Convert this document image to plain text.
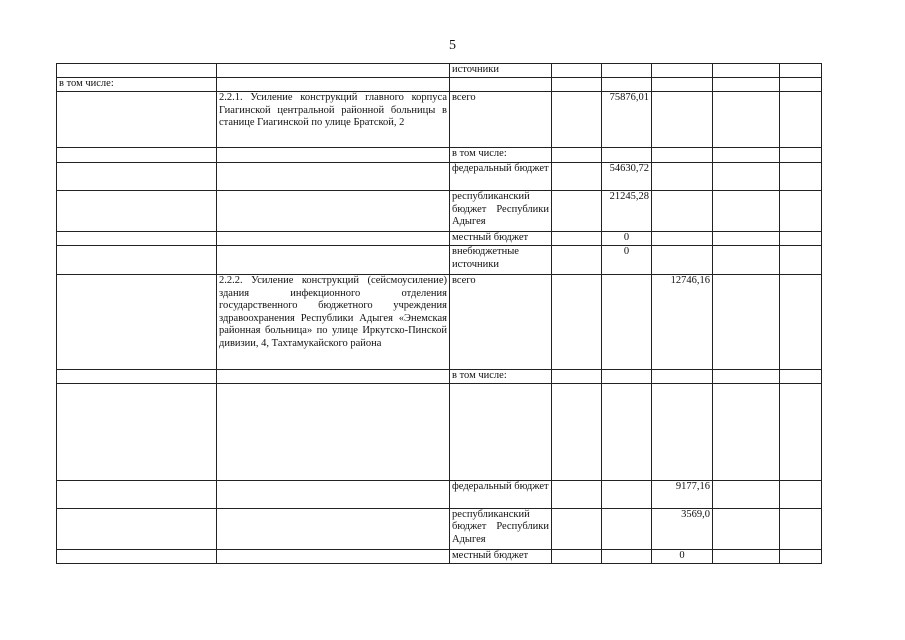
5
		источники					
в том числе:							
	2.2.1. Усиление конструкций главного корпуса Гиагинской центральной районной больницы в станице Гиагинской по улице Братской, 2	всего		75876,01			
		в том числе:					
		федеральный бюджет		54630,72			
		республиканский бюджет Республики Адыгея		21245,28			
		местный бюджет		0			
		внебюджетные источники		0			
	2.2.2. Усиление конструкций (сейсмоусиление) здания инфекционного отделения государственного бюджетного учреждения здравоохранения Республики Адыгея «Энемская районная больница» по улице Иркутско-Пинской дивизии, 4, Тахтамукайского района	всего			12746,16		
		в том числе:					

		федеральный бюджет			9177,16		
		республиканский бюджет Республики Адыгея			3569,0		
		местный бюджет			0		
